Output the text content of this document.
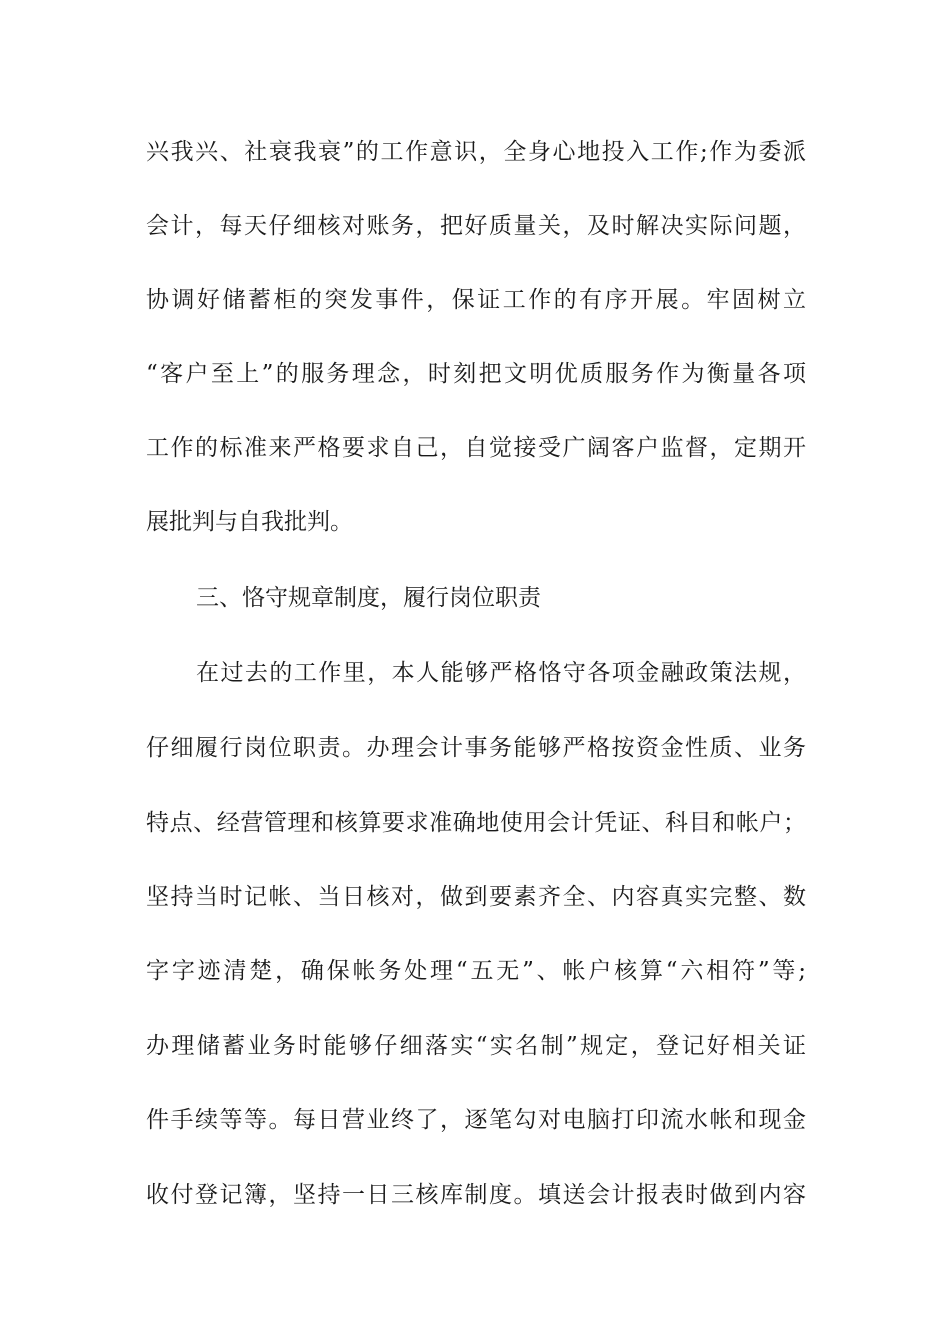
兴我兴、社衰我衰”的工作意识，全身心地投入工作;作为委派
会计，每天仔细核对账务，把好质量关，及时解决实际问题，
协调好储蓄柜的突发事件，保证工作的有序开展。牢固树立
“客户至上”的服务理念，时刻把文明优质服务作为衡量各项
工作的标准来严格要求自己，自觉接受广阔客户监督，定期开
展批判与自我批判。
三、恪守规章制度，履行岗位职责
在过去的工作里，本人能够严格恪守各项金融政策法规，
仔细履行岗位职责。办理会计事务能够严格按资金性质、业务
特点、经营管理和核算要求准确地使用会计凭证、科目和帐户；
坚持当时记帐、当日核对，做到要素齐全、内容真实完整、数
字字迹清楚，确保帐务处理“五无”、帐户核算“六相符”等;
办理储蓄业务时能够仔细落实“实名制”规定，登记好相关证
件手续等等。每日营业终了，逐笔勾对电脑打印流水帐和现金
收付登记簿，坚持一日三核库制度。填送会计报表时做到内容
